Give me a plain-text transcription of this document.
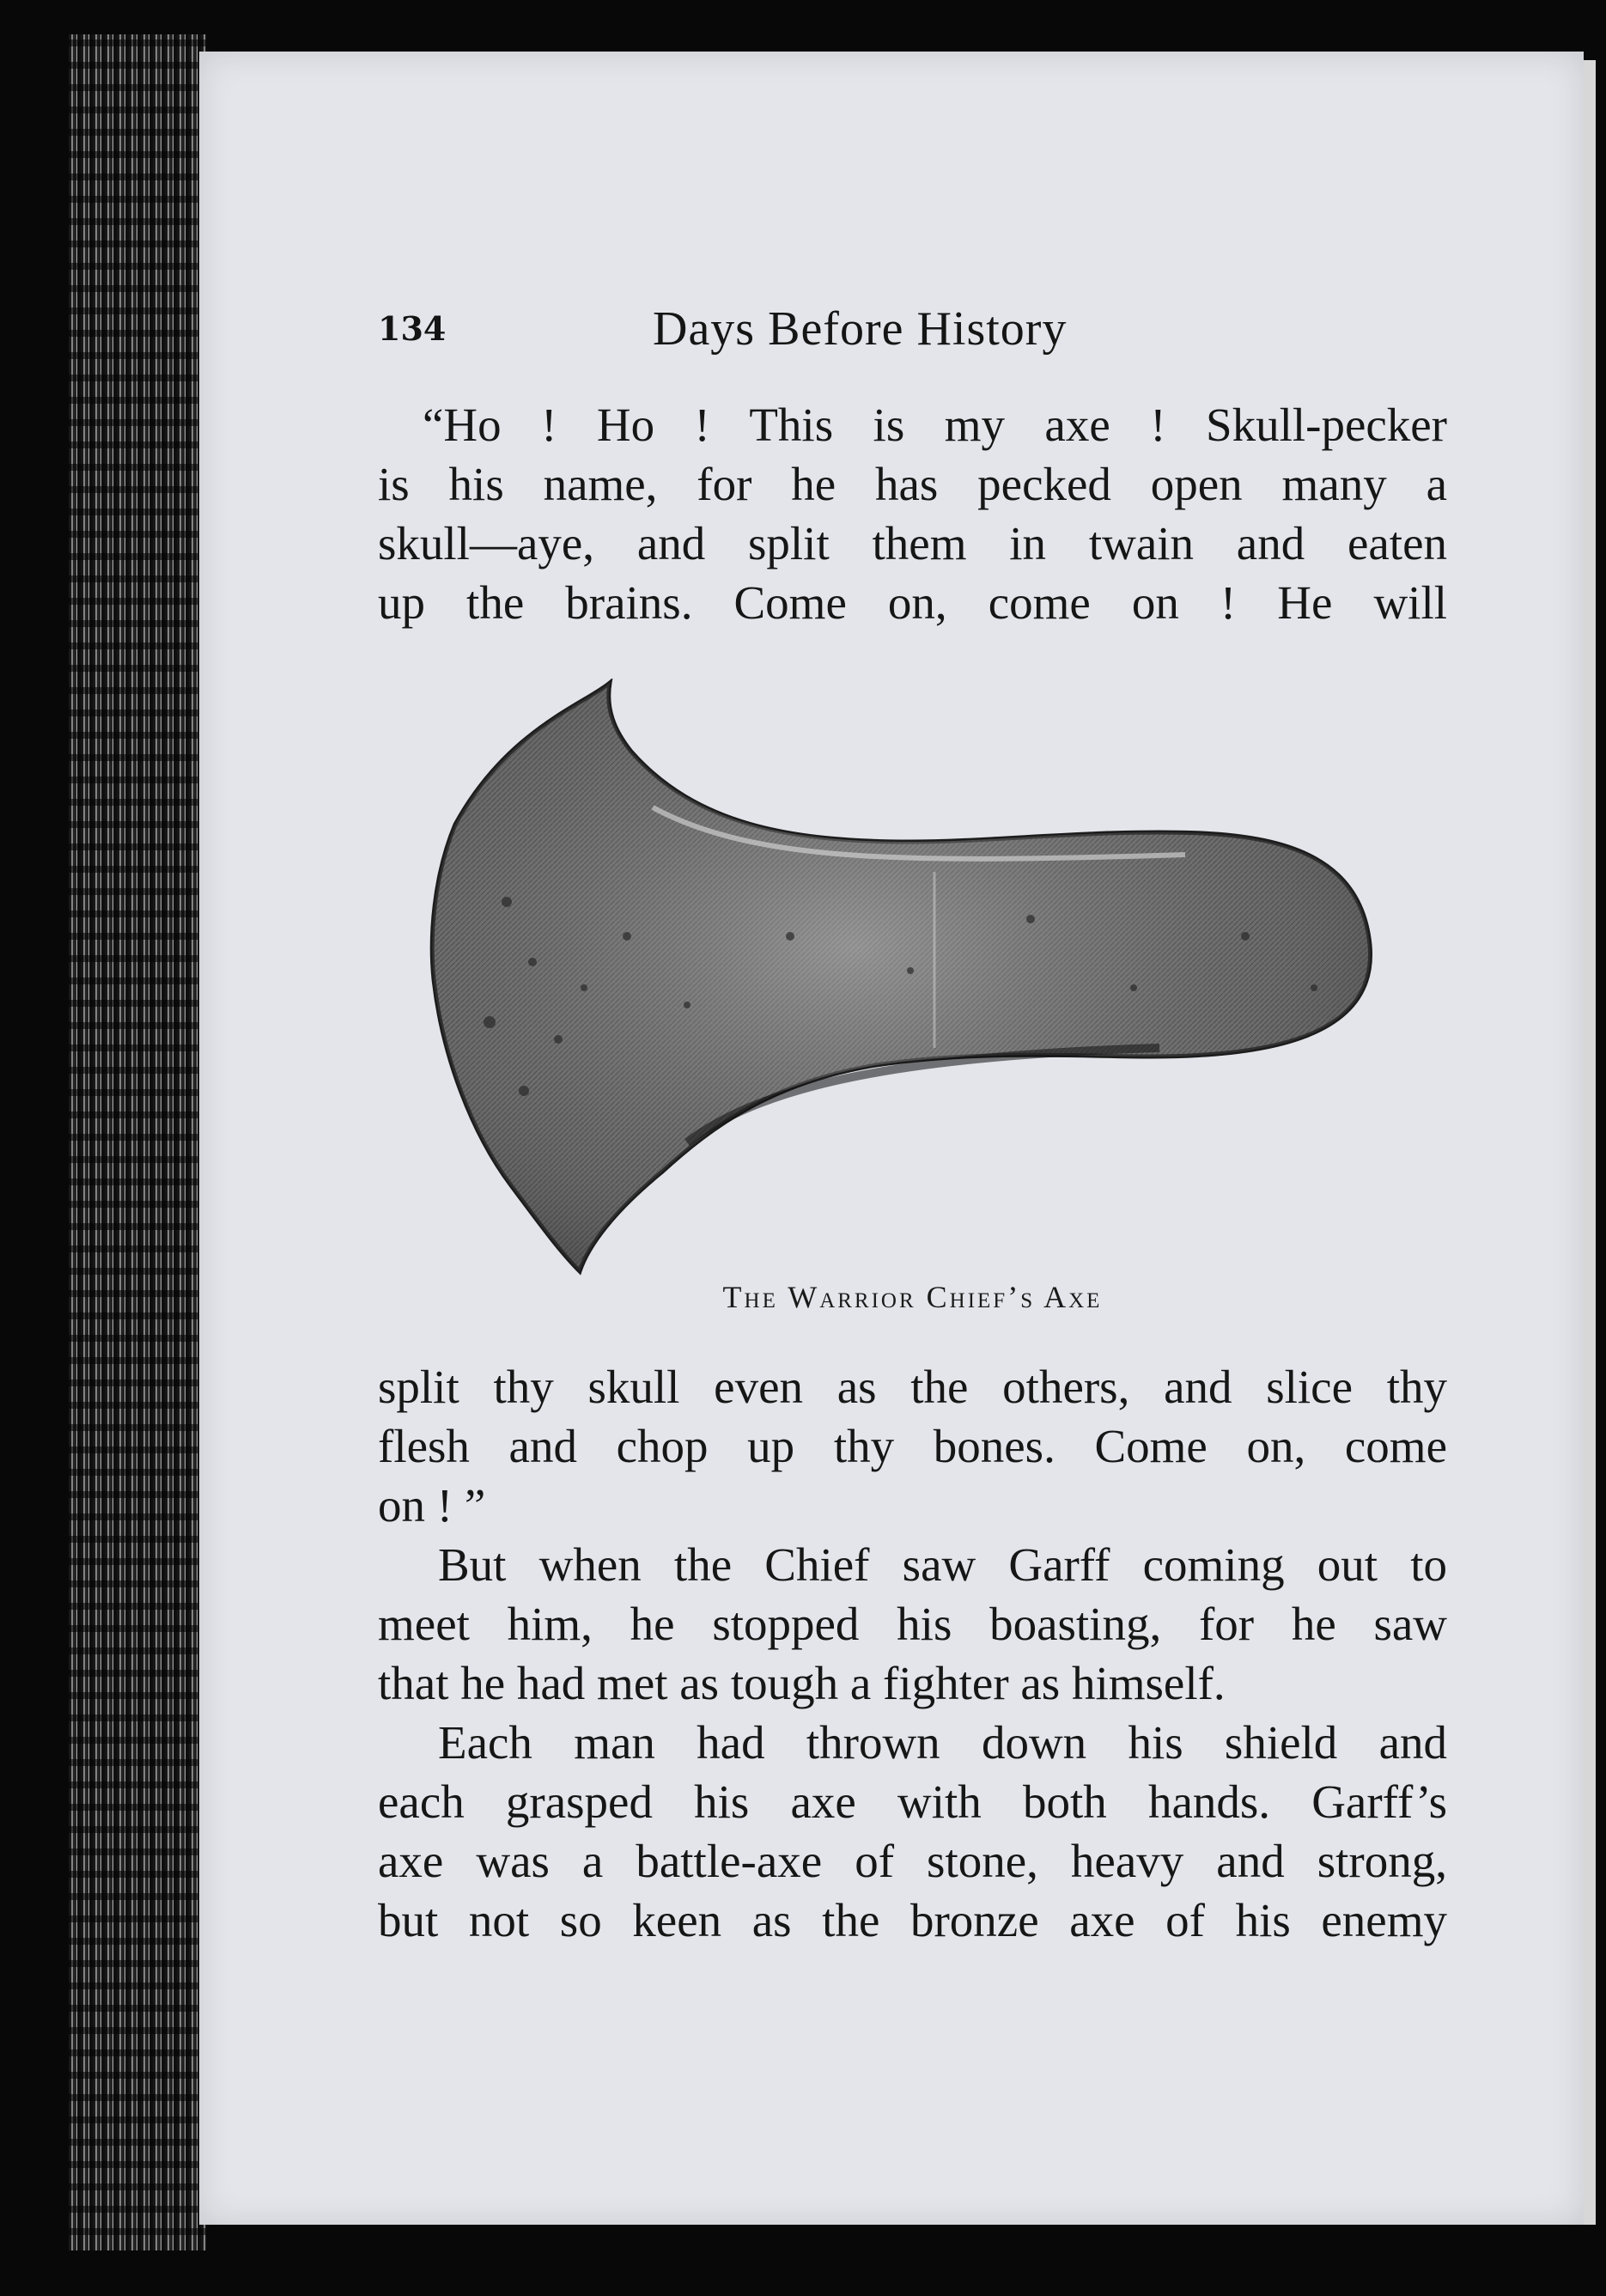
134	Days Before History
“Ho ! Ho ! This is my axe ! Skull-pecker
is his name, for he has pecked open many a
skull—aye, and split them in twain and eaten
up the brains. Come on, come on ! He will
The Warrior Chief’s Axe
split thy skull even as the others, and slice thy
flesh and chop up thy bones. Come on, come
on ! ”
But when the Chief saw Garff coming out to
meet him, he stopped his boasting, for he saw
that he had met as tough a fighter as himself.
Each man had thrown down his shield and
each grasped his axe with both hands. Garff’s
axe was a battle-axe of stone, heavy and strong,
but not so keen as the bronze axe of his enemy
